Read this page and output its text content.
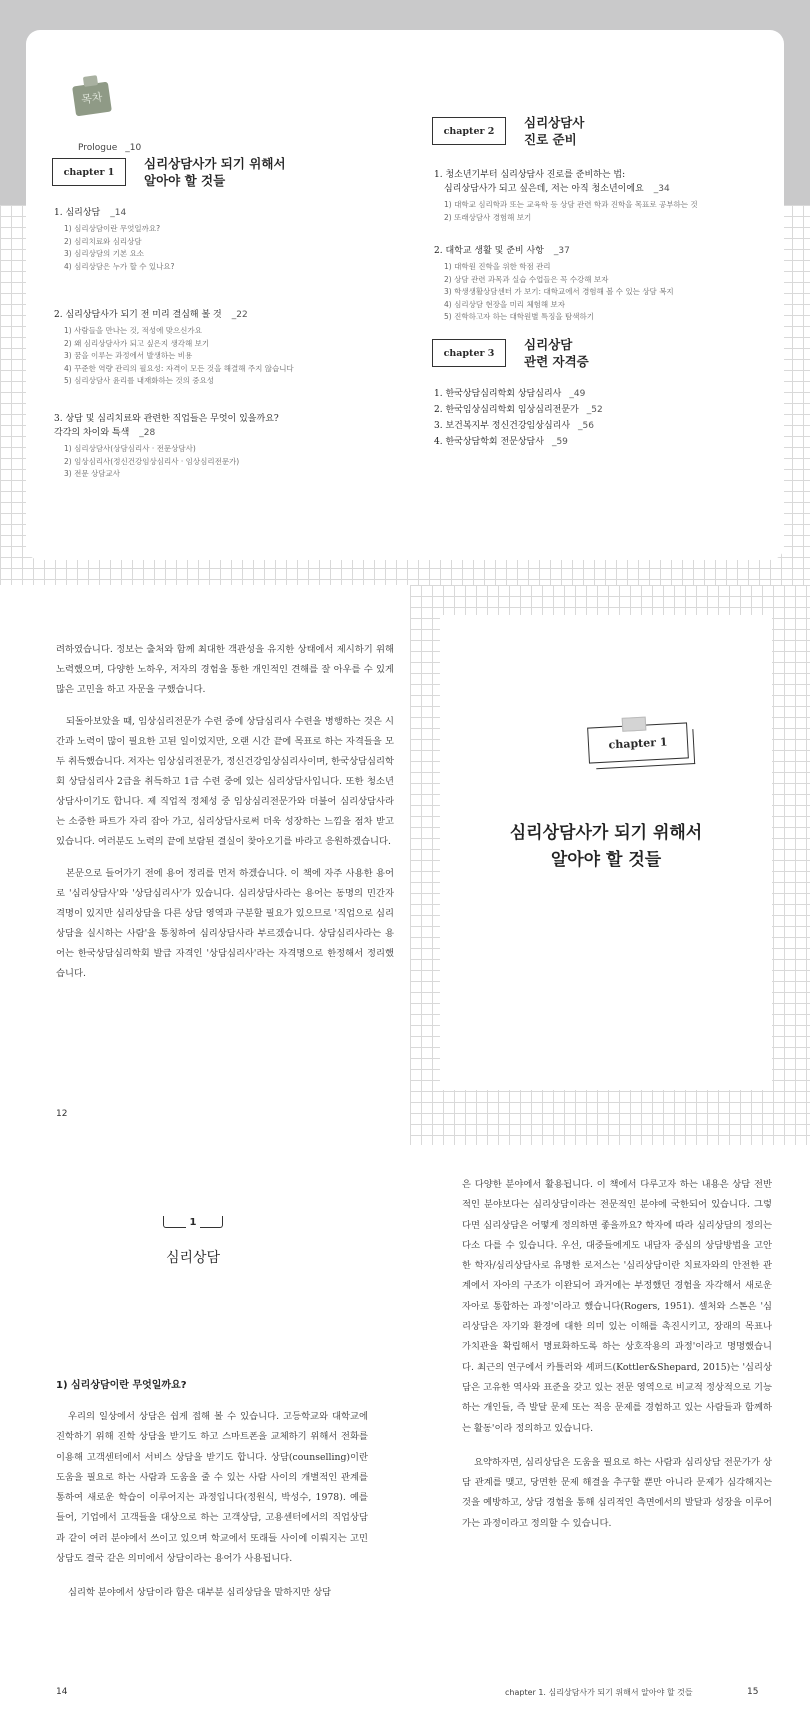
목차
Prologue _10
chapter 1
심리상담사가 되기 위해서
알아야 할 것들
1. 심리상담 _14
1) 심리상담이란 무엇일까요?
2) 심리치료와 심리상담
3) 심리상담의 기본 요소
4) 심리상담은 누가 할 수 있나요?
2. 심리상담사가 되기 전 미리 결심해 볼 것 _22
1) 사람들을 만나는 것, 적성에 맞으신가요
2) 왜 심리상담사가 되고 싶은지 생각해 보기
3) 꿈을 이루는 과정에서 발생하는 비용
4) 꾸준한 역량 관리의 필요성: 자격이 모든 것을 해결해 주지 않습니다
5) 심리상담사 윤리를 내재화하는 것의 중요성
3. 상담 및 심리치료와 관련한 직업들은 무엇이 있을까요?
각각의 차이와 특색 _28
1) 심리상담사(상담심리사 · 전문상담사)
2) 임상심리사(정신건강임상심리사 · 임상심리전문가)
3) 전문 상담교사
chapter 2
심리상담사
진로 준비
1. 청소년기부터 심리상담사 진로를 준비하는 법:
심리상담사가 되고 싶은데, 저는 아직 청소년이에요 _34
1) 대학교 심리학과 또는 교육학 등 상담 관련 학과 진학을 목표로 공부하는 것
2) 또래상담사 경험해 보기
2. 대학교 생활 및 준비 사항 _37
1) 대학원 진학을 위한 학점 관리
2) 상담 관련 과목과 실습 수업들은 꼭 수강해 보자
3) 학생생활상담센터 가 보기: 대학교에서 경험해 볼 수 있는 상담 복지
4) 심리상담 현장을 미리 체험해 보자
5) 진학하고자 하는 대학원별 특징을 탐색하기
chapter 3
심리상담
관련 자격증
1. 한국상담심리학회 상담심리사 _49
2. 한국임상심리학회 임상심리전문가 _52
3. 보건복지부 정신건강임상심리사 _56
4. 한국상담학회 전문상담사 _59

려하였습니다. 정보는 출처와 함께 최대한 객관성을 유지한 상태에서 제시하기 위해 노력했으며, 다양한 노하우, 저자의 경험을 통한 개인적인 견해를 잘 아우를 수 있게 많은 고민을 하고 자문을 구했습니다.

되돌아보았을 때, 임상심리전문가 수련 중에 상담심리사 수련을 병행하는 것은 시간과 노력이 많이 필요한 고된 일이었지만, 오랜 시간 끝에 목표로 하는 자격들을 모두 취득했습니다. 저자는 임상심리전문가, 정신건강임상심리사이며, 한국상담심리학회 상담심리사 2급을 취득하고 1급 수련 중에 있는 심리상담사입니다. 또한 청소년상담사이기도 합니다. 제 직업적 정체성 중 임상심리전문가와 더불어 심리상담사라는 소중한 파트가 자리 잡아 가고, 심리상담사로써 더욱 성장하는 느낌을 점차 받고 있습니다. 여러분도 노력의 끝에 보람된 결실이 찾아오기를 바라고 응원하겠습니다.

본문으로 들어가기 전에 용어 정리를 먼저 하겠습니다. 이 책에 자주 사용한 용어로 '심리상담사'와 '상담심리사'가 있습니다. 심리상담사라는 용어는 동명의 민간자격명이 있지만 심리상담을 다른 상담 영역과 구분할 필요가 있으므로 '직업으로 심리상담을 실시하는 사람'을 통칭하여 심리상담사라 부르겠습니다. 상담심리사라는 용어는 한국상담심리학회 발급 자격인 '상담심리사'라는 자격명으로 한정해서 정리했습니다.

12
chapter 1
심리상담사가 되기 위해서
알아야 할 것들
1
심리상담
1) 심리상담이란 무엇일까요?

우리의 일상에서 상담은 쉽게 접해 볼 수 있습니다. 고등학교와 대학교에 진학하기 위해 진학 상담을 받기도 하고 스마트폰을 교체하기 위해서 전화를 이용해 고객센터에서 서비스 상담을 받기도 합니다. 상담(counselling)이란 도움을 필요로 하는 사람과 도움을 줄 수 있는 사람 사이의 개별적인 관계를 통하여 새로운 학습이 이루어지는 과정입니다(정원식, 박성수, 1978). 예를 들어, 기업에서 고객들을 대상으로 하는 고객상담, 고용센터에서의 직업상담과 같이 여러 분야에서 쓰이고 있으며 학교에서 또래들 사이에 이뤄지는 고민상담도 결국 같은 의미에서 상담이라는 용어가 사용됩니다.

심리학 분야에서 상담이라 함은 대부분 심리상담을 말하지만 상담

14

은 다양한 분야에서 활용됩니다. 이 책에서 다루고자 하는 내용은 상담 전반적인 분야보다는 심리상담이라는 전문적인 분야에 국한되어 있습니다. 그렇다면 심리상담은 어떻게 정의하면 좋을까요? 학자에 따라 심리상담의 정의는 다소 다를 수 있습니다. 우선, 대중들에게도 내담자 중심의 상담방법을 고안한 학자/심리상담사로 유명한 로저스는 '심리상담이란 치료자와의 안전한 관계에서 자아의 구조가 이완되어 과거에는 부정했던 경험을 자각해서 새로운 자아로 통합하는 과정'이라고 했습니다(Rogers, 1951). 셀처와 스톤은 '심리상담은 자기와 환경에 대한 의미 있는 이해를 촉진시키고, 장래의 목표나 가치관을 확립해서 명료화하도록 하는 상호작용의 과정'이라고 명명했습니다. 최근의 연구에서 카틀러와 셰퍼드(Kottler&Shepard, 2015)는 '심리상담은 고유한 역사와 표준을 갖고 있는 전문 영역으로 비교적 정상적으로 기능하는 개인들, 즉 발달 문제 또는 적응 문제를 경험하고 있는 사람들과 함께하는 활동'이라 정의하고 있습니다.

요약하자면, 심리상담은 도움을 필요로 하는 사람과 심리상담 전문가가 상담 관계를 맺고, 당면한 문제 해결을 추구할 뿐만 아니라 문제가 심각해지는 것을 예방하고, 상담 경험을 통해 심리적인 측면에서의 발달과 성장을 이루어 가는 과정이라고 정의할 수 있습니다.

chapter 1. 심리상담사가 되기 위해서 알아야 할 것들	15
